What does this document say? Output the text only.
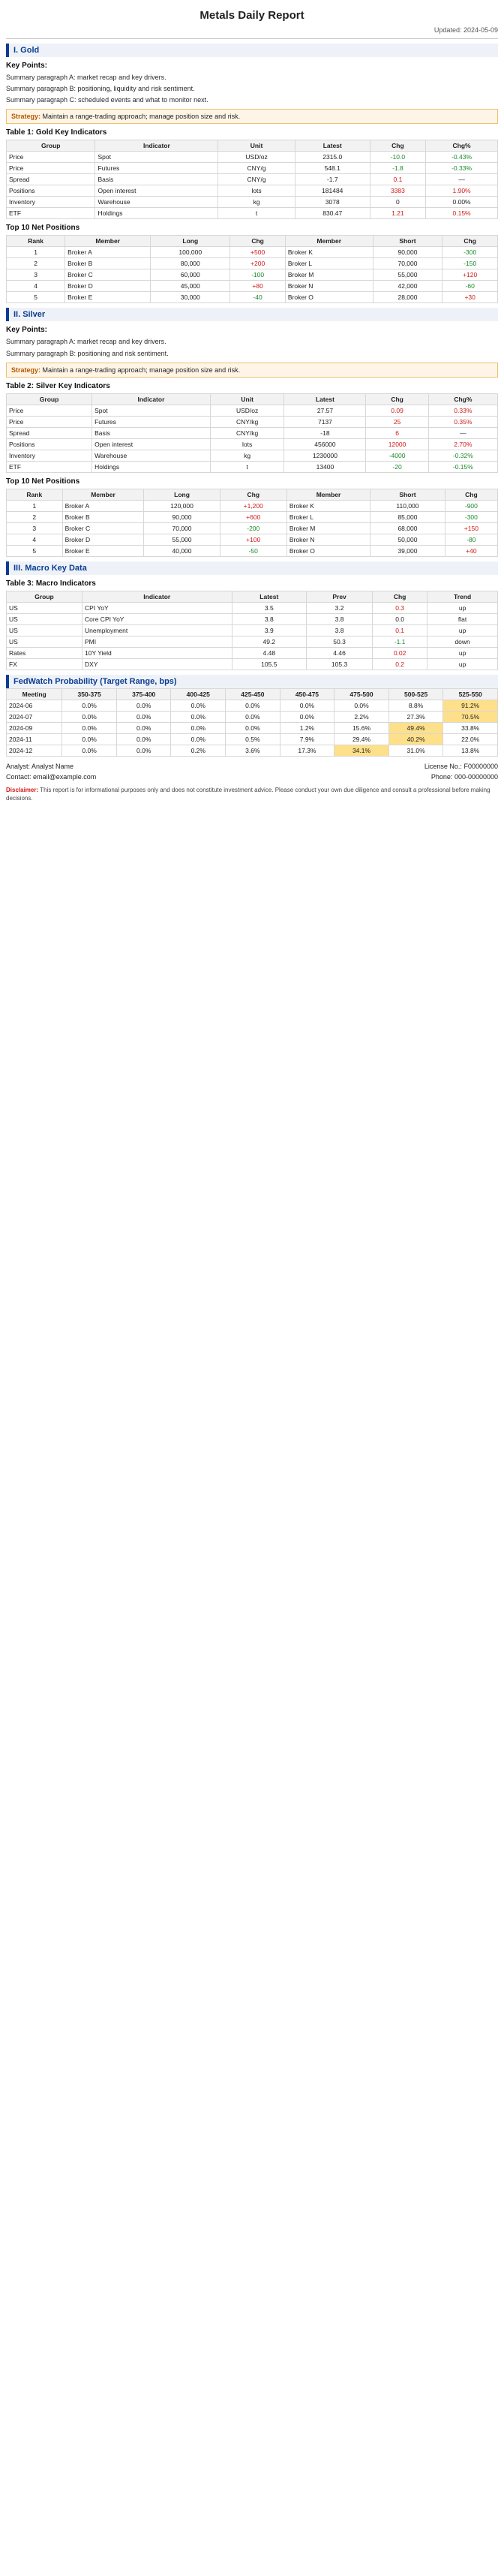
Metals Daily Report
Updated: 2024-05-09
I. Gold
Key Points:

Summary paragraph A: market recap and key drivers.

Summary paragraph B: positioning, liquidity and risk sentiment.

Summary paragraph C: scheduled events and what to monitor next.

Strategy: Maintain a range-trading approach; manage position size and risk.
Table 1: Gold Key Indicators
Group	Indicator	Unit	Latest	Chg	Chg%
Price	Spot	USD/oz	2315.0	-10.0	-0.43%
Price	Futures	CNY/g	548.1	-1.8	-0.33%
Spread	Basis	CNY/g	-1.7	0.1	—
Positions	Open interest	lots	181484	3383	1.90%
Inventory	Warehouse	kg	3078	0	0.00%
ETF	Holdings	t	830.47	1.21	0.15%
Top 10 Net Positions
Rank	Member	Long	Chg	Member	Short	Chg
1	Broker A	100,000	+500	Broker K	90,000	-300
2	Broker B	80,000	+200	Broker L	70,000	-150
3	Broker C	60,000	-100	Broker M	55,000	+120
4	Broker D	45,000	+80	Broker N	42,000	-60
5	Broker E	30,000	-40	Broker O	28,000	+30
II. Silver
Key Points:

Summary paragraph A: market recap and key drivers.

Summary paragraph B: positioning and risk sentiment.

Strategy: Maintain a range-trading approach; manage position size and risk.
Table 2: Silver Key Indicators
Group	Indicator	Unit	Latest	Chg	Chg%
Price	Spot	USD/oz	27.57	0.09	0.33%
Price	Futures	CNY/kg	7137	25	0.35%
Spread	Basis	CNY/kg	-18	6	—
Positions	Open interest	lots	456000	12000	2.70%
Inventory	Warehouse	kg	1230000	-4000	-0.32%
ETF	Holdings	t	13400	-20	-0.15%
Top 10 Net Positions
Rank	Member	Long	Chg	Member	Short	Chg
1	Broker A	120,000	+1,200	Broker K	110,000	-900
2	Broker B	90,000	+600	Broker L	85,000	-300
3	Broker C	70,000	-200	Broker M	68,000	+150
4	Broker D	55,000	+100	Broker N	50,000	-80
5	Broker E	40,000	-50	Broker O	39,000	+40
III. Macro Key Data
Table 3: Macro Indicators
Group	Indicator	Latest	Prev	Chg	Trend
US	CPI YoY	3.5	3.2	0.3	up
US	Core CPI YoY	3.8	3.8	0.0	flat
US	Unemployment	3.9	3.8	0.1	up
US	PMI	49.2	50.3	-1.1	down
Rates	10Y Yield	4.48	4.46	0.02	up
FX	DXY	105.5	105.3	0.2	up
FedWatch Probability (Target Range, bps)
Meeting	350-375	375-400	400-425	425-450	450-475	475-500	500-525	525-550
2024-06	0.0%	0.0%	0.0%	0.0%	0.0%	0.0%	8.8%	91.2%
2024-07	0.0%	0.0%	0.0%	0.0%	0.0%	2.2%	27.3%	70.5%
2024-09	0.0%	0.0%	0.0%	0.0%	1.2%	15.6%	49.4%	33.8%
2024-11	0.0%	0.0%	0.0%	0.5%	7.9%	29.4%	40.2%	22.0%
2024-12	0.0%	0.0%	0.2%	3.6%	17.3%	34.1%	31.0%	13.8%
Analyst: Analyst Name	License No.: F00000000
Contact: email@example.com	Phone: 000-00000000
Disclaimer: This report is for informational purposes only and does not constitute investment advice. Please conduct your own due diligence and consult a professional before making decisions.
